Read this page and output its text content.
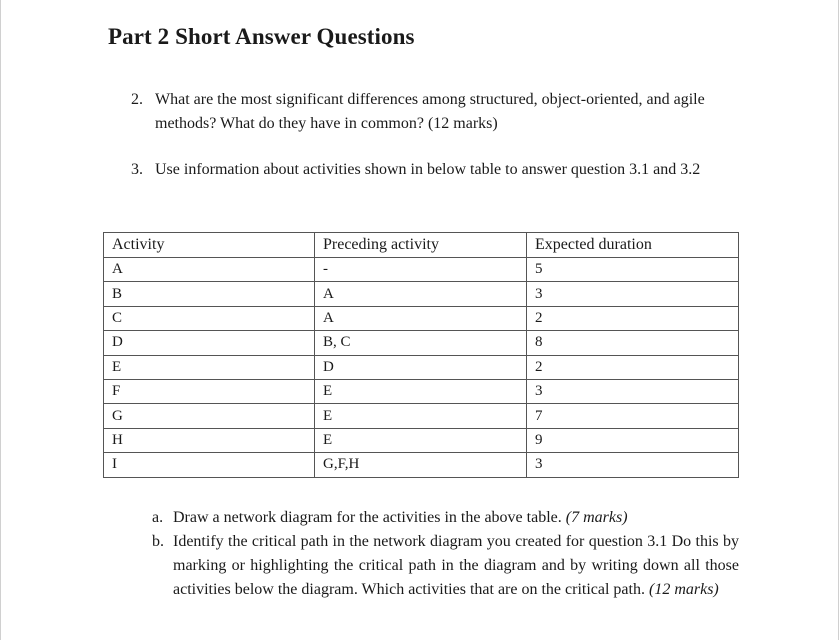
Part 2 Short Answer Questions
2. What are the most significant differences among structured, object-oriented, and agile methods? What do they have in common? (12 marks)
3. Use information about activities shown in below table to answer question 3.1 and 3.2
Activity	Preceding activity	Expected duration
A	-	5
B	A	3
C	A	2
D	B, C	8
E	D	2
F	E	3
G	E	7
H	E	9
I	G,F,H	3
a. Draw a network diagram for the activities in the above table. (7 marks)
b. Identify the critical path in the network diagram you created for question 3.1 Do this by marking or highlighting the critical path in the diagram and by writing down all those activities below the diagram. Which activities that are on the critical path. (12 marks)
